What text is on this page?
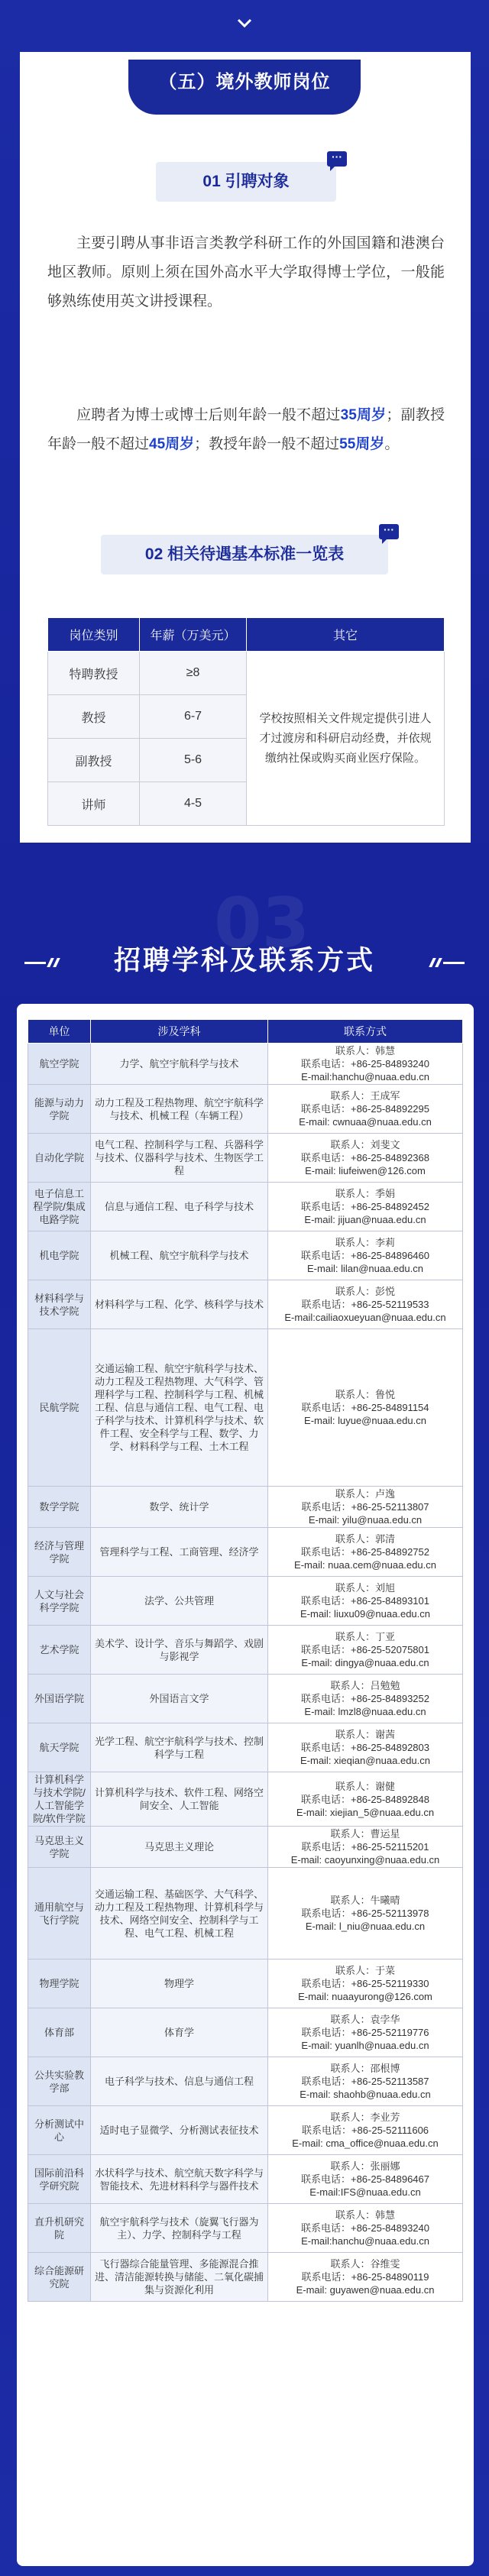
（五）境外教师岗位
01 引聘对象
···

主要引聘从事非语言类教学科研工作的外国国籍和港澳台地区教师。原则上须在国外高水平大学取得博士学位，一般能够熟练使用英文讲授课程。

应聘者为博士或博士后则年龄一般不超过35周岁；副教授年龄一般不超过45周岁；教授年龄一般不超过55周岁。

02 相关待遇基本标准一览表
···
岗位类别	年薪（万美元）	其它
特聘教授	≥8	学校按照相关文件规定提供引进人才过渡房和科研启动经费，并依规缴纳社保或购买商业医疗保险。
教授	6-7	
副教授	5-6	
讲师	4-5	
03
招聘学科及联系方式
单位	涉及学科	联系方式
航空学院	力学、航空宇航科学与技术	联系人：韩慧
联系电话：+86-25-84893240
E-mail:hanchu@nuaa.edu.cn
能源与动力学院	动力工程及工程热物理、航空宇航科学与技术、机械工程（车辆工程）	联系人：王成军
联系电话：+86-25-84892295
E-mail: cwnuaa@nuaa.edu.cn
自动化学院	电气工程、控制科学与工程、兵器科学与技术、仪器科学与技术、生物医学工程	联系人：刘斐文
联系电话：+86-25-84892368
E-mail: liufeiwen@126.com
电子信息工程学院/集成电路学院	信息与通信工程、电子科学与技术	联系人：季娟
联系电话：+86-25-84892452
E-mail: jijuan@nuaa.edu.cn
机电学院	机械工程、航空宇航科学与技术	联系人：李莉
联系电话：+86-25-84896460
E-mail: lilan@nuaa.edu.cn
材料科学与技术学院	材料科学与工程、化学、核科学与技术	联系人：彭悦
联系电话：+86-25-52119533
E-mail:cailiaoxueyuan@nuaa.edu.cn
民航学院	交通运输工程、航空宇航科学与技术、动力工程及工程热物理、大气科学、管理科学与工程、控制科学与工程、机械工程、信息与通信工程、电气工程、电子科学与技术、计算机科学与技术、软件工程、安全科学与工程、数学、力学、材料科学与工程、土木工程	联系人：鲁悦
联系电话：+86-25-84891154
E-mail: luyue@nuaa.edu.cn
数学学院	数学、统计学	联系人：卢逸
联系电话：+86-25-52113807
E-mail: yilu@nuaa.edu.cn
经济与管理学院	管理科学与工程、工商管理、经济学	联系人：郭清
联系电话：+86-25-84892752
E-mail: nuaa.cem@nuaa.edu.cn
人文与社会科学学院	法学、公共管理	联系人：刘旭
联系电话：+86-25-84893101
E-mail: liuxu09@nuaa.edu.cn
艺术学院	美术学、设计学、音乐与舞蹈学、戏剧与影视学	联系人：丁亚
联系电话：+86-25-52075801
E-mail: dingya@nuaa.edu.cn
外国语学院	外国语言文学	联系人：吕勉勉
联系电话：+86-25-84893252
E-mail: lmzl8@nuaa.edu.cn
航天学院	光学工程、航空宇航科学与技术、控制科学与工程	联系人：谢茜
联系电话：+86-25-84892803
E-mail: xieqian@nuaa.edu.cn
计算机科学与技术学院/人工智能学院/软件学院	计算机科学与技术、软件工程、网络空间安全、人工智能	联系人：谢健
联系电话：+86-25-84892848
E-mail: xiejian_5@nuaa.edu.cn
马克思主义学院	马克思主义理论	联系人：曹运星
联系电话：+86-25-52115201
E-mail: caoyunxing@nuaa.edu.cn
通用航空与飞行学院	交通运输工程、基础医学、大气科学、动力工程及工程热物理、计算机科学与技术、网络空间安全、控制科学与工程、电气工程、机械工程	联系人：牛曦晴
联系电话：+86-25-52113978
E-mail: l_niu@nuaa.edu.cn
物理学院	物理学	联系人：于菜
联系电话：+86-25-52119330
E-mail: nuaayurong@126.com
体育部	体育学	联系人：袁孛华
联系电话：+86-25-52119776
E-mail: yuanlh@nuaa.edu.cn
公共实验教学部	电子科学与技术、信息与通信工程	联系人：邵根博
联系电话：+86-25-52113587
E-mail: shaohb@nuaa.edu.cn
分析测试中心	适时电子显微学、分析测试表征技术	联系人：李业芳
联系电话：+86-25-52111606
E-mail: cma_office@nuaa.edu.cn
国际前沿科学研究院	水状科学与技术、航空航天数字科学与智能技术、先进材料科学与器件技术	联系人：张丽娜
联系电话：+86-25-84896467
E-mail:IFS@nuaa.edu.cn
直升机研究院	航空宇航科学与技术（旋翼飞行器为主）、力学、控制科学与工程	联系人：韩慧
联系电话：+86-25-84893240
E-mail:hanchu@nuaa.edu.cn
综合能源研究院	飞行器综合能量管理、多能源混合推进、清洁能源转换与储能、二氧化碳捕集与资源化利用	联系人：谷维雯
联系电话：+86-25-84890119
E-mail: guyawen@nuaa.edu.cn
